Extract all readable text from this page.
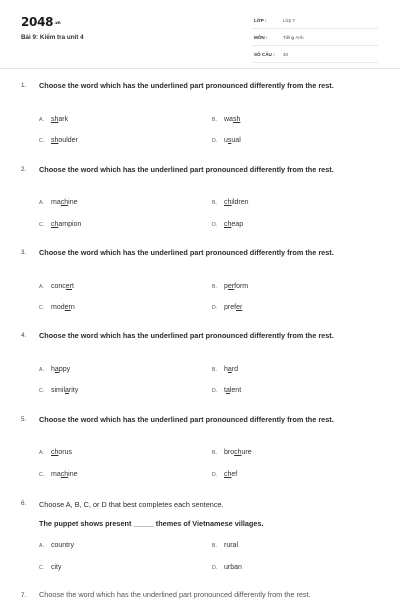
2048.vn
Bài 9: Kiểm tra unit 4
LỚP :	Lớp 7
MÔN :	Tiếng Anh
SỐ CÂU : 40
1. Choose the word which has the underlined part pronounced differently from the rest.
A. shark	B. wash
C. shoulder	D. usual
2. Choose the word which has the underlined part pronounced differently from the rest.
A. machine	B. children
C. champion	D. cheap
3. Choose the word which has the underlined part pronounced differently from the rest.
A. concert	B. perform
C. modern	D. prefer
4. Choose the word which has the underlined part pronounced differently from the rest.
A. happy	B. hard
C. similarity	D. talent
5. Choose the word which has the underlined part pronounced differently from the rest.
A. chorus	B. brochure
C. machine	D. chef
6. Choose A, B, C, or D that best completes each sentence.
The puppet shows present _____ themes of Vietnamese villages.
A. country	B. rural
C. city	D. urban
7. Choose the word which has the underlined part pronounced differently from the rest.
